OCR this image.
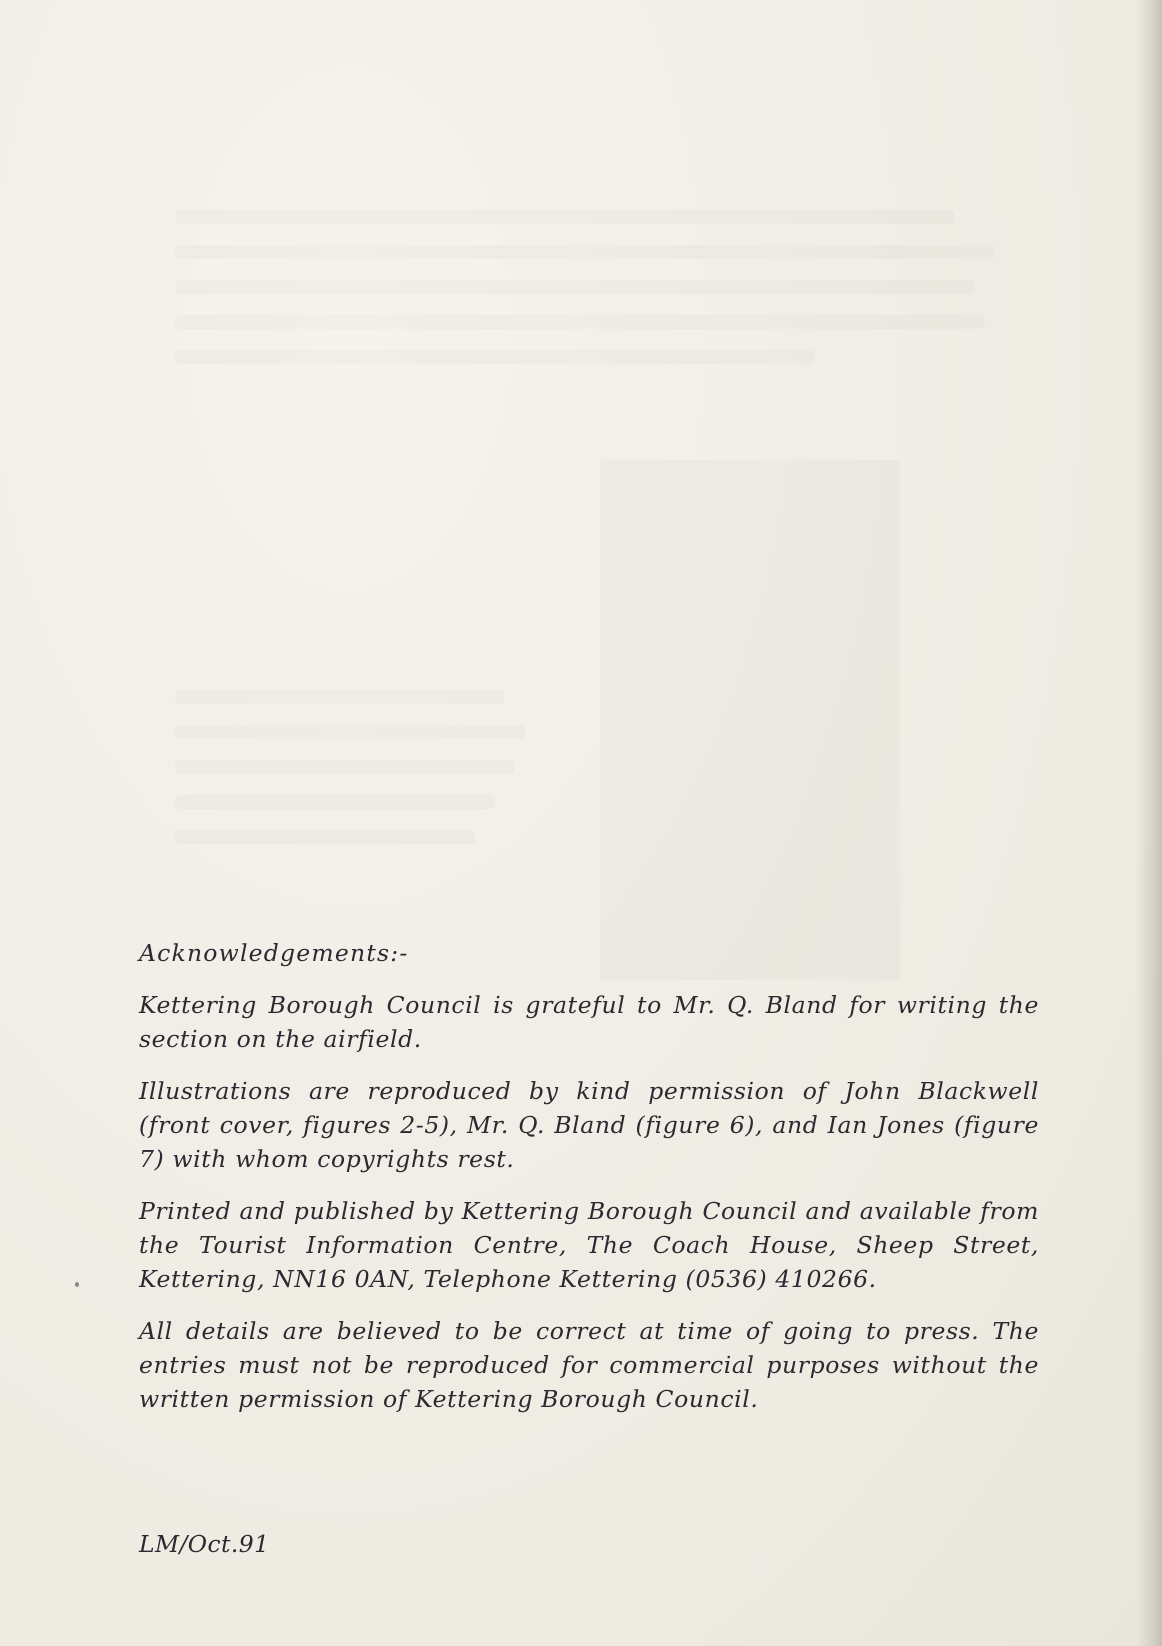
Acknowledgements:-

Kettering Borough Council is grateful to Mr. Q. Bland for writing the section on the airfield.

Illustrations are reproduced by kind permission of John Blackwell (front cover, figures 2-5), Mr. Q. Bland (figure 6), and Ian Jones (figure 7) with whom copyrights rest.

Printed and published by Kettering Borough Council and available from the Tourist Information Centre, The Coach House, Sheep Street, Kettering, NN16 0AN, Telephone Kettering (0536) 410266.

All details are believed to be correct at time of going to press. The entries must not be reproduced for commercial purposes without the written permission of Kettering Borough Council.

LM/Oct.91
